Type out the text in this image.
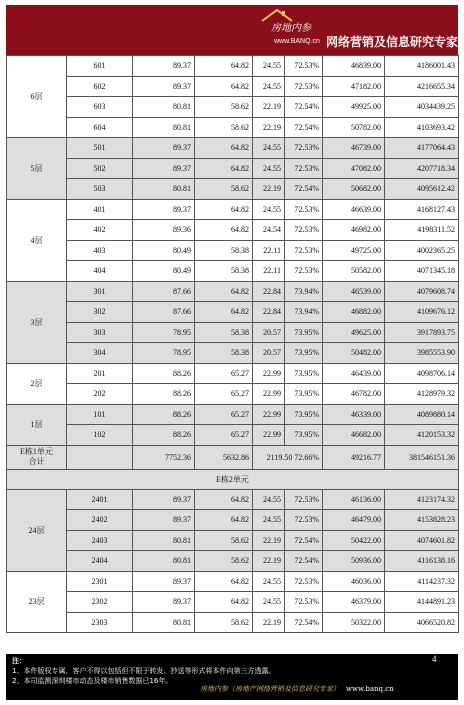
房地内参
www.BANQ.cn 网络营销及信息研究专家
6层	601	89.37	64.82	24.55	72.53%	46839.00	4186001.43
	602	89.37	64.82	24.55	72.53%	47182.00	4216655.34
	603	80.81	58.62	22.19	72.54%	49925.00	4034439.25
	604	80.81	58.62	22.19	72.54%	50782.00	4103693.42
5层	501	89.37	64.82	24.55	72.53%	46739.00	4177064.43
	502	89.37	64.82	24.55	72.53%	47082.00	4207718.34
	503	80.81	58.62	22.19	72.54%	50682.00	4095612.42
4层	401	89.37	64.82	24.55	72.53%	46639.00	4168127.43
	402	89.36	64.82	24.54	72.53%	46982.00	4198311.52
	403	80.49	58.38	22.11	72.53%	49725.00	4002365.25
	404	80.49	58.38	22.11	72.53%	50582.00	4071345.18
3层	301	87.66	64.82	22.84	73.94%	46539.00	4079608.74
	302	87.66	64.82	22.84	73.94%	46882.00	4109676.12
	303	78.95	58.38	20.57	73.95%	49625.00	3917893.75
	304	78.95	58.38	20.57	73.95%	50482.00	3985553.90
2层	201	88.26	65.27	22.99	73.95%	46439.00	4098706.14
	202	88.26	65.27	22.99	73.95%	46782.00	4128979.32
1层	101	88.26	65.27	22.99	73.95%	46339.00	4089880.14
	102	88.26	65.27	22.99	73.95%	46682.00	4120153.32
E栋1单元
合计		7752.36	5632.86	2119.50 72.66%		49216.77	381546151.36
E栋2单元							
24层	2401	89.37	64.82	24.55	72.53%	46136.00	4123174.32
	2402	89.37	64.82	24.55	72.53%	46479.00	4153828.23
	2403	80.81	58.62	22.19	72.54%	50422.00	4074601.82
	2404	80.81	58.62	22.19	72.54%	50936.00	4116138.16
23层	2301	89.37	64.82	24.55	72.53%	46036.00	4114237.32
	2302	89.37	64.82	24.55	72.53%	46379.00	4144891.23
	2303	80.81	58.62	22.19	72.54%	50322.00	4066520.82
注：
1、本件版权专属，客户不得以包括但不限于转发、抄送等形式将本件向第三方透露。
2、本司监测深圳楼市动态及楼市销售数据已16年。
4
房地内参（房地产网络营销及信息研究专家） www.banq.cn
